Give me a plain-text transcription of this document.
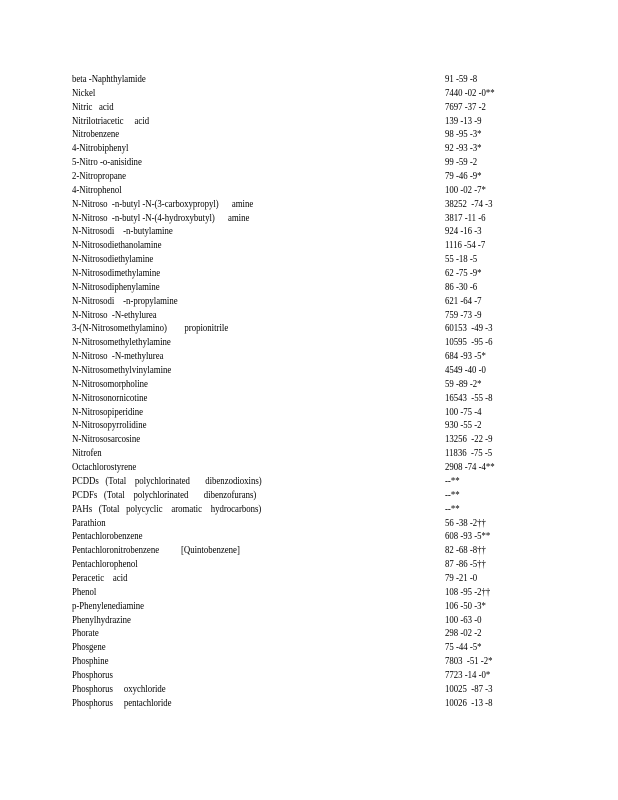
beta -Naphthylamide	91 -59 -8
Nickel	7440 -02 -0**
Nitric   acid	7697 -37 -2
Nitrilotriacetic     acid	139 -13 -9
Nitrobenzene	98 -95 -3*
4-Nitrobiphenyl	92 -93 -3*
5-Nitro -o-anisidine	99 -59 -2
2-Nitropropane	79 -46 -9*
4-Nitrophenol	100 -02 -7*
N-Nitroso  -n-butyl -N-(3-carboxypropyl)      amine	38252  -74 -3
N-Nitroso  -n-butyl -N-(4-hydroxybutyl)      amine	3817 -11 -6
N-Nitrosodi    -n-butylamine	924 -16 -3
N-Nitrosodiethanolamine	1116 -54 -7
N-Nitrosodiethylamine	55 -18 -5
N-Nitrosodimethylamine	62 -75 -9*
N-Nitrosodiphenylamine	86 -30 -6
N-Nitrosodi    -n-propylamine	621 -64 -7
N-Nitroso  -N-ethylurea	759 -73 -9
3-(N-Nitrosomethylamino)        propionitrile	60153  -49 -3
N-Nitrosomethylethylamine	10595  -95 -6
N-Nitroso  -N-methylurea	684 -93 -5*
N-Nitrosomethylvinylamine	4549 -40 -0
N-Nitrosomorpholine	59 -89 -2*
N-Nitrosonornicotine	16543  -55 -8
N-Nitrosopiperidine	100 -75 -4
N-Nitrosopyrrolidine	930 -55 -2
N-Nitrososarcosine	13256  -22 -9
Nitrofen	11836  -75 -5
Octachlorostyrene	2908 -74 -4**
PCDDs   (Total    polychlorinated       dibenzodioxins)	--**
PCDFs   (Total    polychlorinated       dibenzofurans)	--**
PAHs   (Total   polycyclic    aromatic    hydrocarbons)	--**
Parathion	56 -38 -2††
Pentachlorobenzene	608 -93 -5**
Pentachloronitrobenzene          [Quintobenzene]	82 -68 -8††
Pentachlorophenol	87 -86 -5††
Peracetic    acid	79 -21 -0
Phenol	108 -95 -2††
p-Phenylenediamine	106 -50 -3*
Phenylhydrazine	100 -63 -0
Phorate	298 -02 -2
Phosgene	75 -44 -5*
Phosphine	7803  -51 -2*
Phosphorus	7723 -14 -0*
Phosphorus     oxychloride	10025  -87 -3
Phosphorus     pentachloride	10026  -13 -8
